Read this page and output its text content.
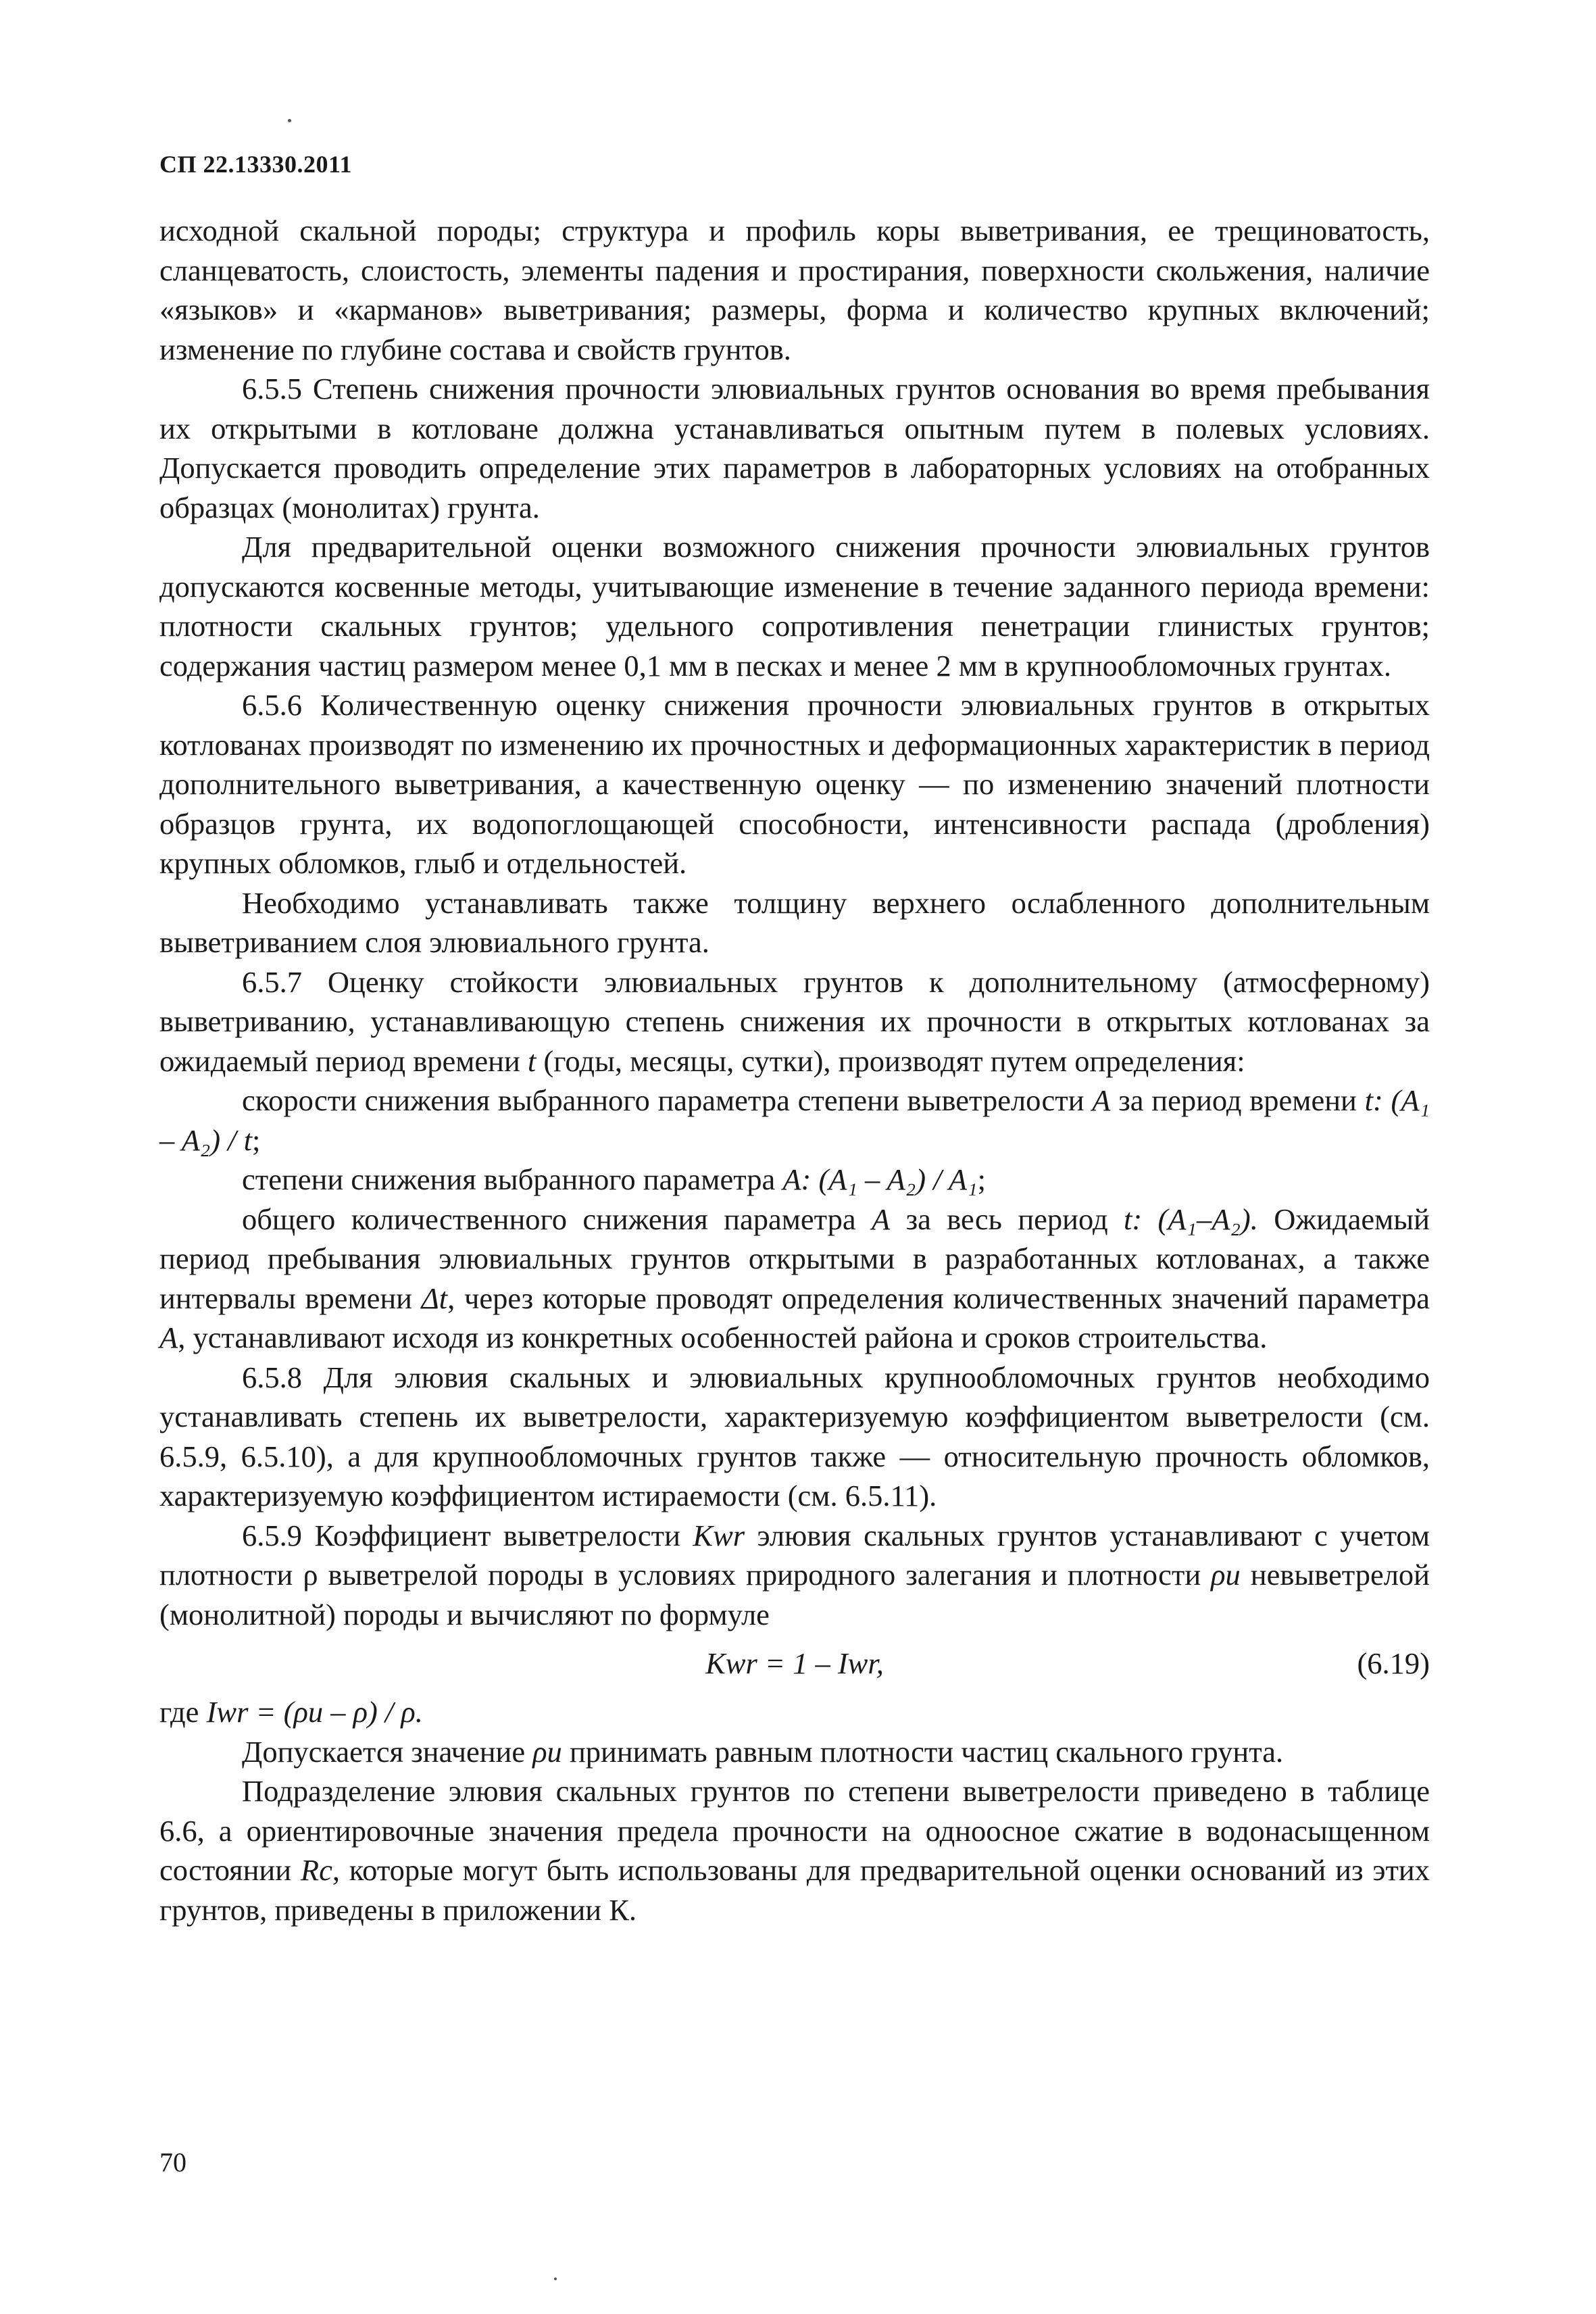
СП 22.13330.2011

исходной скальной породы; структура и профиль коры выветривания, ее трещиноватость, сланцеватость, слоистость, элементы падения и простирания, поверхности скольжения, наличие «языков» и «карманов» выветривания; размеры, форма и количество крупных включений; изменение по глубине состава и свойств грунтов.

6.5.5 Степень снижения прочности элювиальных грунтов основания во время пребывания их открытыми в котловане должна устанавливаться опытным путем в полевых условиях. Допускается проводить определение этих параметров в лабораторных условиях на отобранных образцах (монолитах) грунта.

Для предварительной оценки возможного снижения прочности элювиальных грунтов допускаются косвенные методы, учитывающие изменение в течение заданного периода времени: плотности скальных грунтов; удельного сопротивления пенетрации глинистых грунтов; содержания частиц размером менее 0,1 мм в песках и менее 2 мм в крупнообломочных грунтах.

6.5.6 Количественную оценку снижения прочности элювиальных грунтов в открытых котлованах производят по изменению их прочностных и деформационных характеристик в период дополнительного выветривания, а качественную оценку — по изменению значений плотности образцов грунта, их водопоглощающей способности, интенсивности распада (дробления) крупных обломков, глыб и отдельностей.

Необходимо устанавливать также толщину верхнего ослабленного дополнительным выветриванием слоя элювиального грунта.

6.5.7 Оценку стойкости элювиальных грунтов к дополнительному (атмосферному) выветриванию, устанавливающую степень снижения их прочности в открытых котлованах за ожидаемый период времени t (годы, месяцы, сутки), производят путем определения:

скорости снижения выбранного параметра степени выветрелости A за период времени t: (A₁ – A₂) / t;

степени снижения выбранного параметра A: (A₁ – A₂) / A₁;

общего количественного снижения параметра A за весь период t: (A₁–A₂). Ожидаемый период пребывания элювиальных грунтов открытыми в разработанных котлованах, а также интервалы времени Δt, через которые проводят определения количественных значений параметра A, устанавливают исходя из конкретных особенностей района и сроков строительства.

6.5.8 Для элювия скальных и элювиальных крупнообломочных грунтов необходимо устанавливать степень их выветрелости, характеризуемую коэффициентом выветрелости (см. 6.5.9, 6.5.10), а для крупнообломочных грунтов также — относительную прочность обломков, характеризуемую коэффициентом истираемости (см. 6.5.11).

6.5.9 Коэффициент выветрелости Kwr элювия скальных грунтов устанавливают с учетом плотности ρ выветрелой породы в условиях природного залегания и плотности ρu невыветрелой (монолитной) породы и вычисляют по формуле

Kwr = 1 – Iwr,	(6.19)

где Iwr = (ρu – ρ) / ρ.

Допускается значение ρu принимать равным плотности частиц скального грунта.

Подразделение элювия скальных грунтов по степени выветрелости приведено в таблице 6.6, а ориентировочные значения предела прочности на одноосное сжатие в водонасыщенном состоянии Rc, которые могут быть использованы для предварительной оценки оснований из этих грунтов, приведены в приложении К.

70
